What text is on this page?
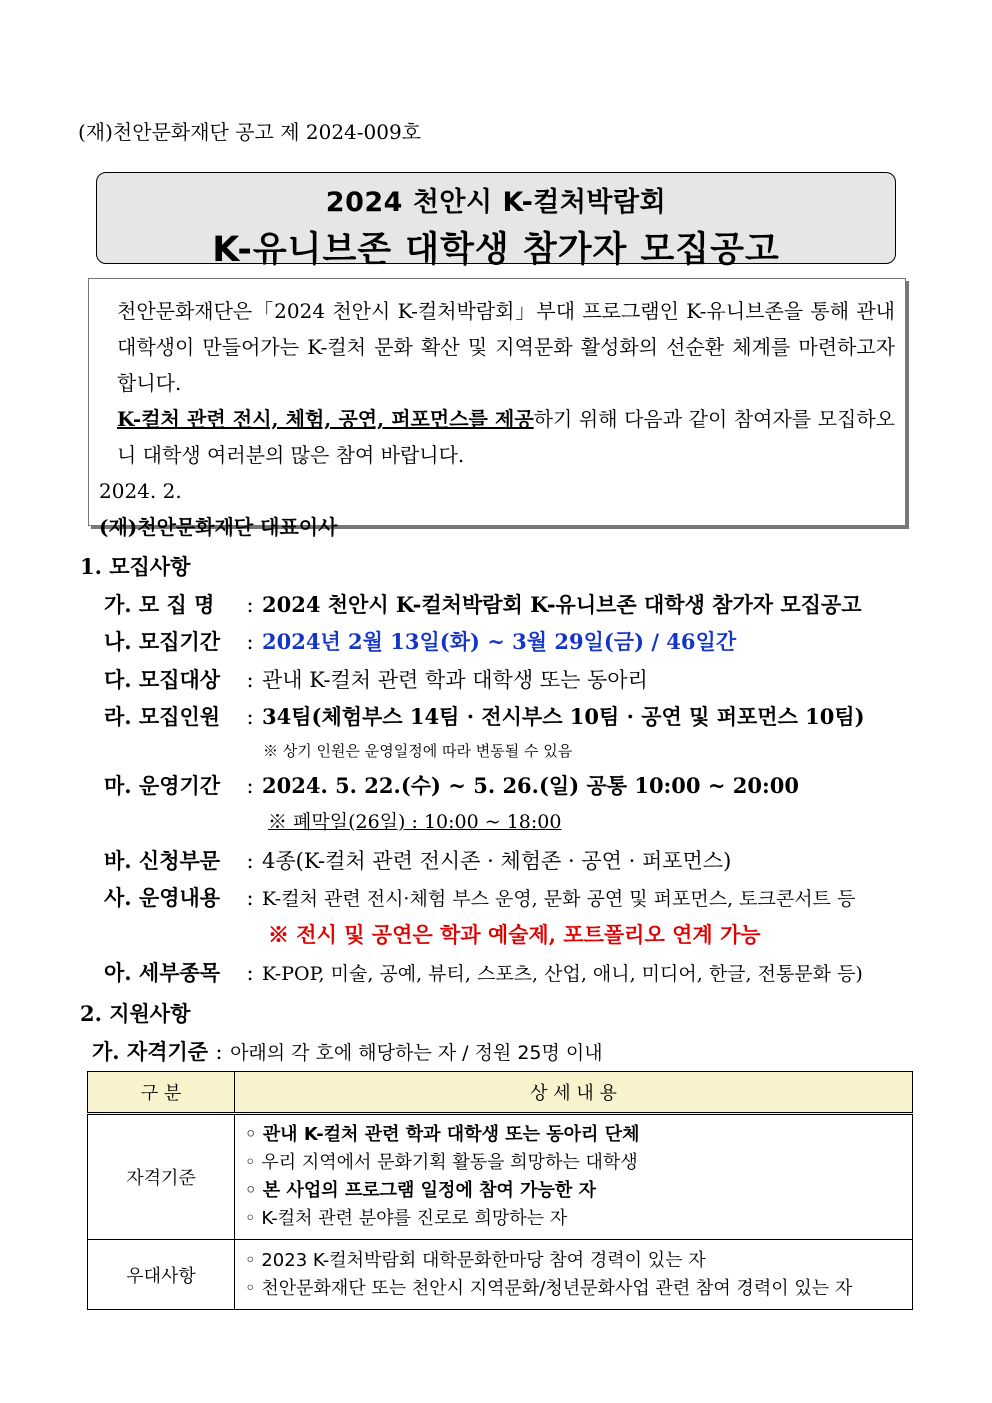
(재)천안문화재단 공고 제 2024-009호
2024 천안시 K-컬처박람회
K-유니브존 대학생 참가자 모집공고

천안문화재단은「2024 천안시 K-컬처박람회」부대 프로그램인 K-유니브존을 통해 관내 대학생이 만들어가는 K-컬처 문화 확산 및 지역문화 활성화의 선순환 체계를 마련하고자 합니다.

K-컬처 관련 전시, 체험, 공연, 퍼포먼스를 제공하기 위해 다음과 같이 참여자를 모집하오니 대학생 여러분의 많은 참여 바랍니다.

2024. 2.

(재)천안문화재단 대표이사

1. 모집사항
가. 모 집 명 : 2024 천안시 K-컬처박람회 K-유니브존 대학생 참가자 모집공고
나. 모집기간 : 2024년 2월 13일(화) ~ 3월 29일(금) / 46일간
다. 모집대상 : 관내 K-컬처 관련 학과 대학생 또는 동아리
라. 모집인원 : 34팀(체험부스 14팀 · 전시부스 10팀 · 공연 및 퍼포먼스 10팀)
※ 상기 인원은 운영일정에 따라 변동될 수 있음
마. 운영기간 : 2024. 5. 22.(수) ~ 5. 26.(일) 공통 10:00 ~ 20:00
※ 폐막일(26일) : 10:00 ~ 18:00
바. 신청부문 : 4종(K-컬처 관련 전시존 · 체험존 · 공연 · 퍼포먼스)
사. 운영내용 : K-컬처 관련 전시·체험 부스 운영, 문화 공연 및 퍼포먼스, 토크콘서트 등
※ 전시 및 공연은 학과 예술제, 포트폴리오 연계 가능
아. 세부종목 : K-POP, 미술, 공예, 뷰티, 스포츠, 산업, 애니, 미디어, 한글, 전통문화 등)
2. 지원사항
가. 자격기준 : 아래의 각 호에 해당하는 자 / 정원 25명 이내
구 분	상 세 내 용
자격기준	◦ 관내 K-컬처 관련 학과 대학생 또는 동아리 단체
◦ 우리 지역에서 문화기획 활동을 희망하는 대학생
◦ 본 사업의 프로그램 일정에 참여 가능한 자
◦ K-컬처 관련 분야를 진로로 희망하는 자

우대사항	◦ 2023 K-컬처박람회 대학문화한마당 참여 경력이 있는 자
◦ 천안문화재단 또는 천안시 지역문화/청년문화사업 관련 참여 경력이 있는 자
